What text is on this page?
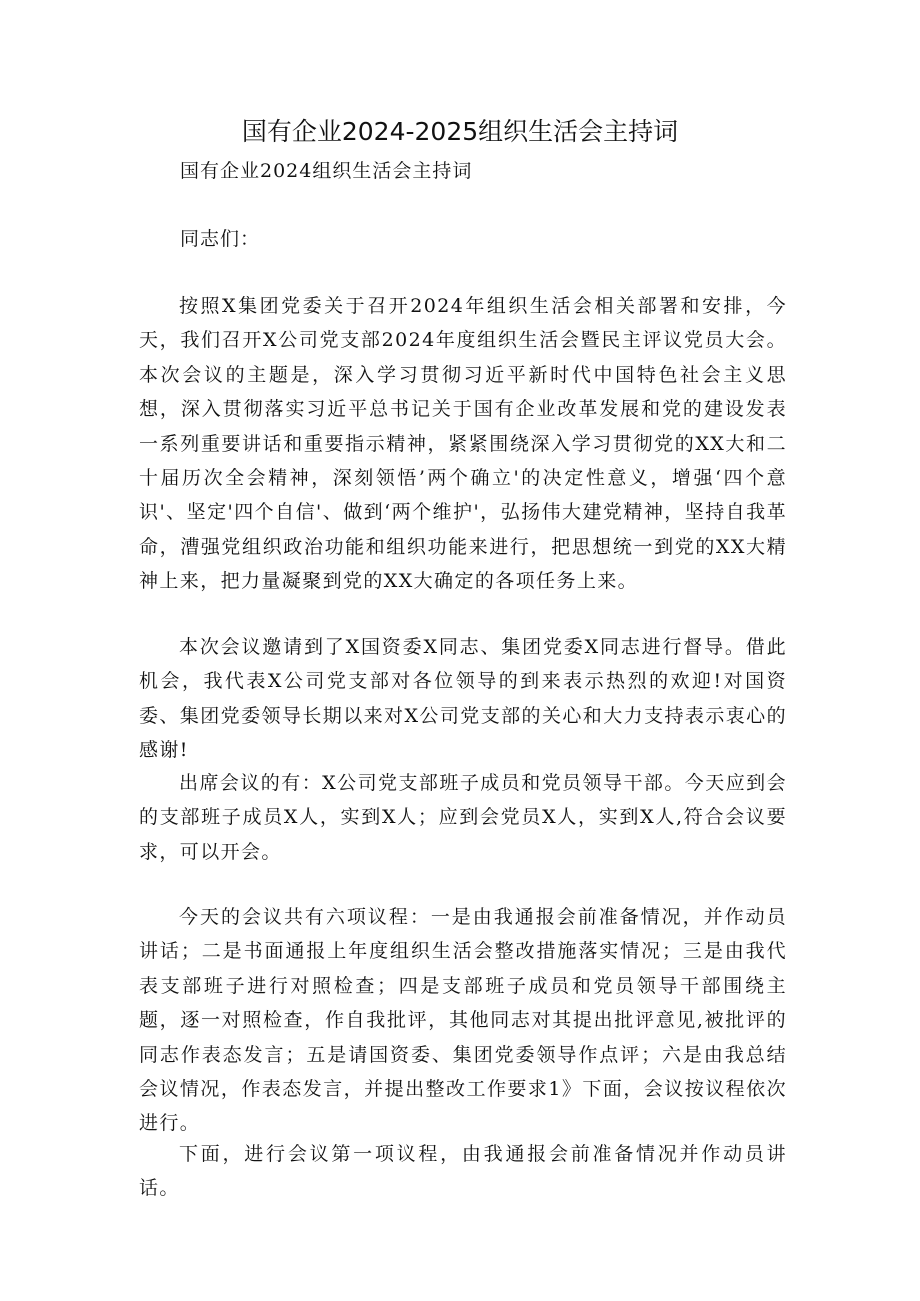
国有企业2024-2025组织生活会主持词

国有企业2024组织生活会主持词

同志们：

按照X集团党委关于召开2024年组织生活会相关部署和安排，今天，我们召开X公司党支部2024年度组织生活会暨民主评议党员大会。本次会议的主题是，深入学习贯彻习近平新时代中国特色社会主义思想，深入贯彻落实习近平总书记关于国有企业改革发展和党的建设发表一系列重要讲话和重要指示精神，紧紧围绕深入学习贯彻党的XX大和二十届历次全会精神，深刻领悟’两个确立'的决定性意义，增强‘四个意识'、坚定'四个自信'、做到‘两个维护'，弘扬伟大建党精神，坚持自我革命，漕强党组织政治功能和组织功能来进行，把思想统一到党的XX大精神上来，把力量凝聚到党的XX大确定的各项任务上来。

本次会议邀请到了X国资委X同志、集团党委X同志进行督导。借此机会，我代表X公司党支部对各位领导的到来表示热烈的欢迎!对国资委、集团党委领导长期以来对X公司党支部的关心和大力支持表示衷心的感谢!

出席会议的有：X公司党支部班子成员和党员领导干部。今天应到会的支部班子成员X人，实到X人；应到会党员X人，实到X人,符合会议要求，可以开会。

今天的会议共有六项议程：一是由我通报会前准备情况，并作动员讲话；二是书面通报上年度组织生活会整改措施落实情况；三是由我代表支部班子进行对照检查；四是支部班子成员和党员领导干部围绕主题，逐一对照检查，作自我批评，其他同志对其提出批评意见,被批评的同志作表态发言；五是请国资委、集团党委领导作点评；六是由我总结会议情况，作表态发言，并提出整改工作要求1》下面，会议按议程依次进行。

下面，进行会议第一项议程，由我通报会前准备情况并作动员讲话。
